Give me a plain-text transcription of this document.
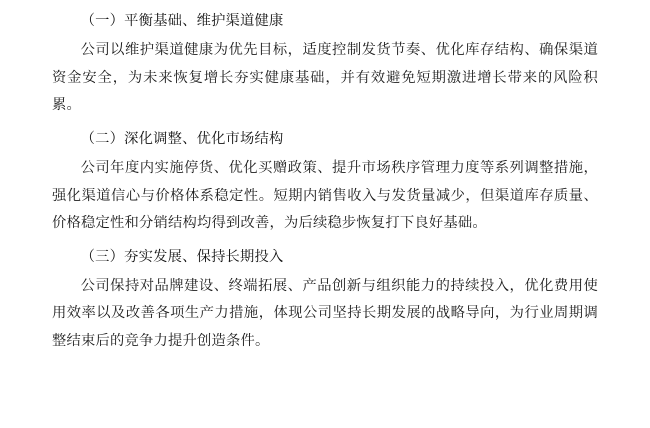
（一）平衡基础、维护渠道健康

公司以维护渠道健康为优先目标，适度控制发货节奏、优化库存结构、确保渠道资金安全，为未来恢复增长夯实健康基础，并有效避免短期激进增长带来的风险积累。

（二）深化调整、优化市场结构

公司年度内实施停货、优化买赠政策、提升市场秩序管理力度等系列调整措施，强化渠道信心与价格体系稳定性。短期内销售收入与发货量减少，但渠道库存质量、价格稳定性和分销结构均得到改善，为后续稳步恢复打下良好基础。

（三）夯实发展、保持长期投入

公司保持对品牌建设、终端拓展、产品创新与组织能力的持续投入，优化费用使用效率以及改善各项生产力措施，体现公司坚持长期发展的战略导向，为行业周期调整结束后的竞争力提升创造条件。
